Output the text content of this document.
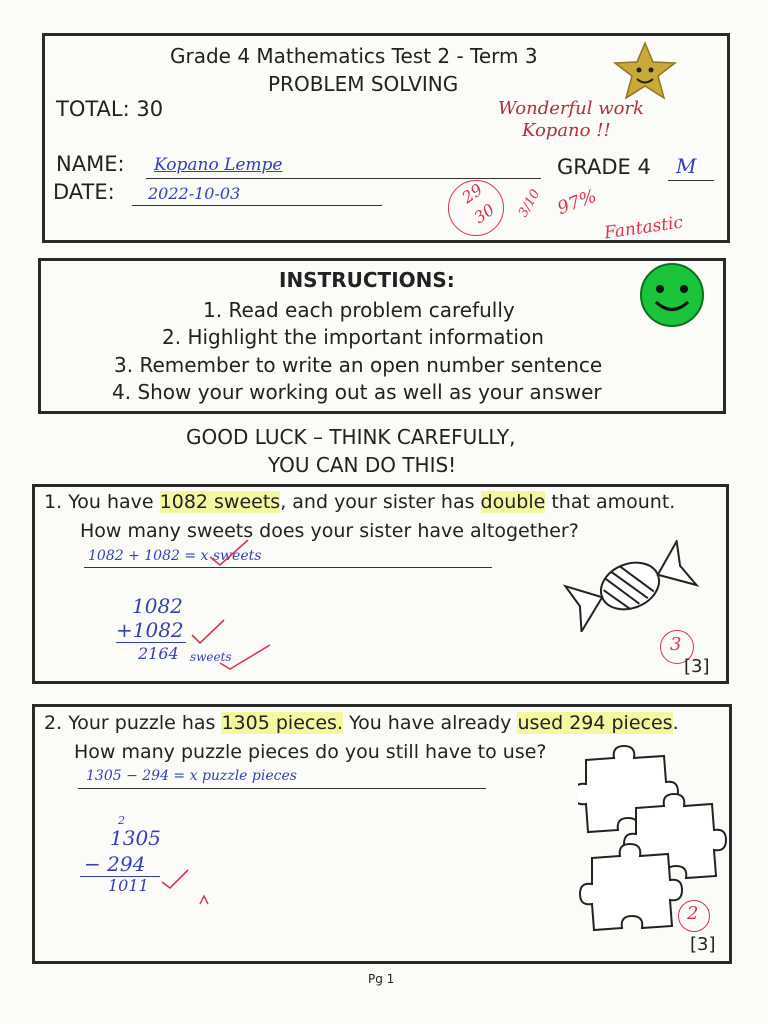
Grade 4 Mathematics Test 2 - Term 3
PROBLEM SOLVING
TOTAL: 30	Wonderful work
Kopano !!
NAME: Kopano Lempe	GRADE 4 M
DATE: 2022-10-03	29
30 3/10 97%
Fantastic
INSTRUCTIONS:
1. Read each problem carefully
2. Highlight the important information
3. Remember to write an open number sentence
4. Show your working out as well as your answer
GOOD LUCK – THINK CAREFULLY,
YOU CAN DO THIS!
1. You have 1082 sweets, and your sister has double that amount.
How many sweets does your sister have altogether?
1082 + 1082 = x sweets
1082
+1082
2164 sweets
3
[3]
2. Your puzzle has 1305 pieces. You have already used 294 pieces.
How many puzzle pieces do you still have to use?
1305 − 294 = x puzzle pieces
2
1305
− 294
1011
2
[3]
Pg 1
